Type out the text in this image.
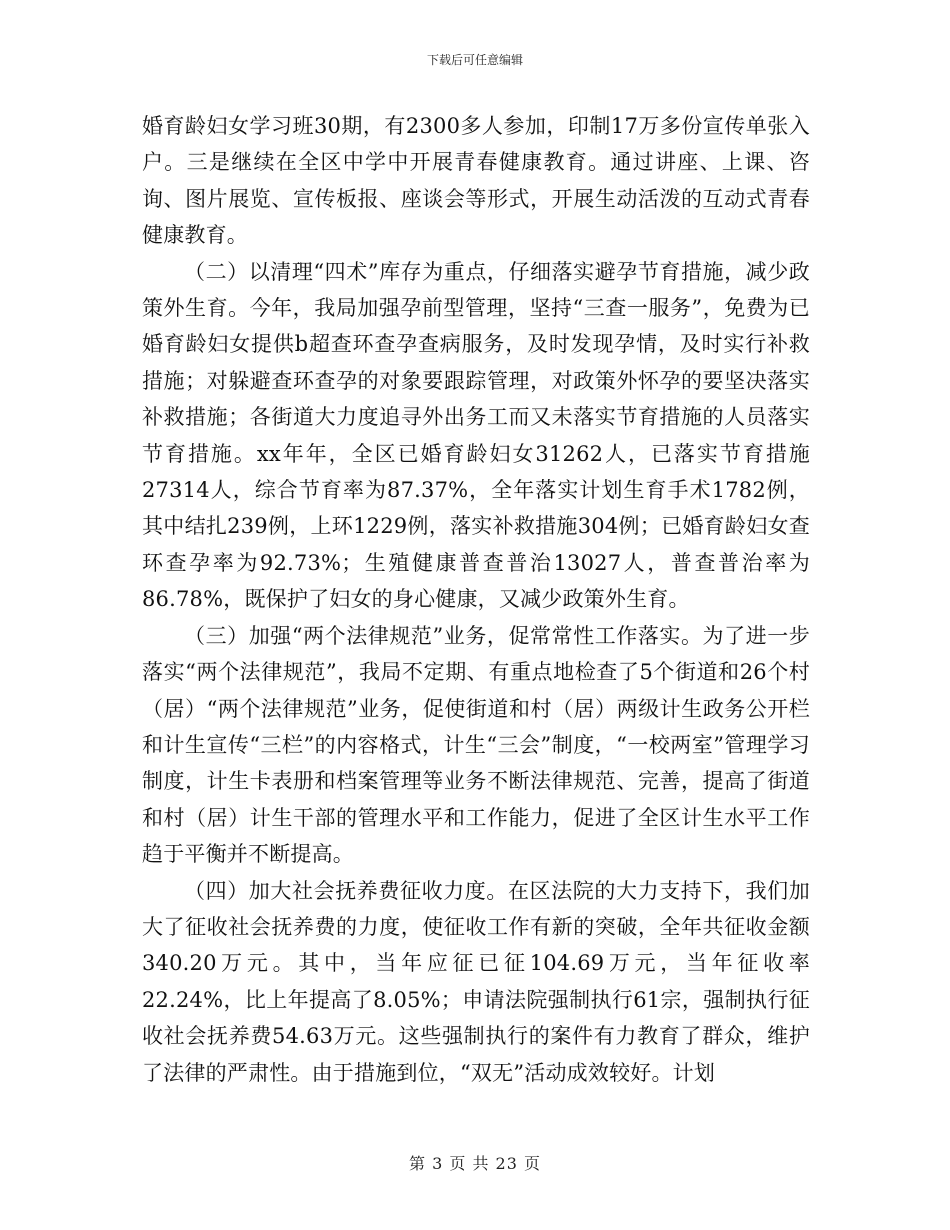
下载后可任意编辑

婚育龄妇女学习班30期，有2300多人参加，印制17万多份宣传单张入户。三是继续在全区中学中开展青春健康教育。通过讲座、上课、咨询、图片展览、宣传板报、座谈会等形式，开展生动活泼的互动式青春健康教育。

（二）以清理“四术”库存为重点，仔细落实避孕节育措施，减少政策外生育。今年，我局加强孕前型管理，坚持“三查一服务”，免费为已婚育龄妇女提供b超查环查孕查病服务，及时发现孕情，及时实行补救措施；对躲避查环查孕的对象要跟踪管理，对政策外怀孕的要坚决落实补救措施；各街道大力度追寻外出务工而又未落实节育措施的人员落实节育措施。xx年年，全区已婚育龄妇女31262人，已落实节育措施27314人，综合节育率为87.37%，全年落实计划生育手术1782例，其中结扎239例，上环1229例，落实补救措施304例；已婚育龄妇女查环查孕率为92.73%；生殖健康普查普治13027人，普查普治率为86.78%，既保护了妇女的身心健康，又减少政策外生育。

（三）加强“两个法律规范”业务，促常常性工作落实。为了进一步落实“两个法律规范”，我局不定期、有重点地检查了5个街道和26个村（居）“两个法律规范”业务，促使街道和村（居）两级计生政务公开栏和计生宣传“三栏”的内容格式，计生“三会”制度，“一校两室”管理学习制度，计生卡表册和档案管理等业务不断法律规范、完善，提高了街道和村（居）计生干部的管理水平和工作能力，促进了全区计生水平工作趋于平衡并不断提高。

（四）加大社会抚养费征收力度。在区法院的大力支持下，我们加大了征收社会抚养费的力度，使征收工作有新的突破，全年共征收金额340.20万元。其中，当年应征已征104.69万元，当年征收率22.24%，比上年提高了8.05%；申请法院强制执行61宗，强制执行征收社会抚养费54.63万元。这些强制执行的案件有力教育了群众，维护了法律的严肃性。由于措施到位，“双无”活动成效较好。计划

第 3 页 共 23 页
